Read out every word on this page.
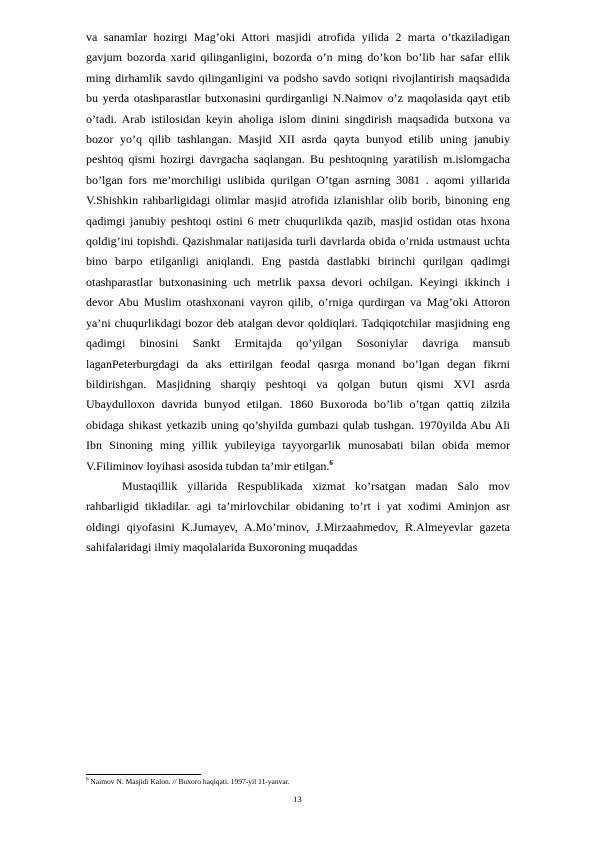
va sanamlar hozirgi Mag’oki Attori masjidi atrofida yilida 2 marta o’tkaziladigan gavjum bozorda xarid qilinganligini, bozorda o’n ming do’kon bo’lib har safar ellik ming dirhamlik savdo qilinganligini va podsho savdo sotiqni rivojlantirish maqsadida bu yerda otashparastlar butxonasini qurdirganligi N.Naimov o’z maqolasida qayt etib o’tadi. Arab istilosidan keyin aholiga islom dinini singdirish maqsadida butxona va bozor yo’q qilib tashlangan. Masjid XII asrda qayta bunyod etilib uning janubiy peshtoq qismi hozirgi davrgacha saqlangan. Bu peshtoqning yaratilish m.islomgacha bo’lgan fors me’morchiligi uslibida qurilgan O’tgan asrning 3081 . aqomi yillarida V.Shishkin rahbarligidagi olimlar masjid atrofida izlanishlar olib borib, binoning eng qadimgi janubiy peshtoqi ostini 6 metr chuqurlikda qazib, masjid ostidan otas hxona qoldig’ini topishdi. Qazishmalar natijasida turli davrlarda obida o’rnida ustmaust uchta bino barpo etilganligi aniqlandi. Eng pastda dastlabki birinchi qurilgan qadimgi otashparastlar butxonasining uch metrlik paxsa devori ochilgan. Keyingi ikkinch i devor Abu Muslim otashxonani vayron qilib, o’rniga qurdirgan va Mag’oki Attoron ya’ni chuqurlikdagi bozor deb atalgan devor qoldiqlari. Tadqiqotchilar masjidning eng qadimgi binosini Sankt Ermitajda qo’yilgan Sosoniylar davriga mansub laganPeterburgdagi da aks ettirilgan feodal qasrga monand bo’lgan degan fikrni bildirishgan. Masjidning sharqiy peshtoqi va qolgan butun qismi XVI asrda Ubaydulloxon davrida bunyod etilgan. 1860 Buxoroda bo’lib o’tgan qattiq zilzila obidaga shikast yetkazib uning qo’shyilda gumbazi qulab tushgan. 1970yilda Abu Ali Ibn Sinoning ming yillik yubileyiga tayyorgarlik munosabati bilan obida memor V.Filiminov loyihasi asosida tubdan ta’mir etilgan.$^6$

Mustaqillik yillarida Respublikada xizmat ko’rsatgan madan Salo mov rahbarligid tikladilar. agi ta’mirlovchilar obidaning to’rt i yat xodimi Aminjon asr oldingi qiyofasini K.Jumayev, A.Mo’minov, J.Mirzaahmedov, R.Almeyevlar gazeta sahifalaridagi ilmiy maqolalarida Buxoroning muqaddas

$^6$ Naimov N. Masjidi Kalon. // Buxoro haqiqati. 1997-yil 11-yanvar.
13
